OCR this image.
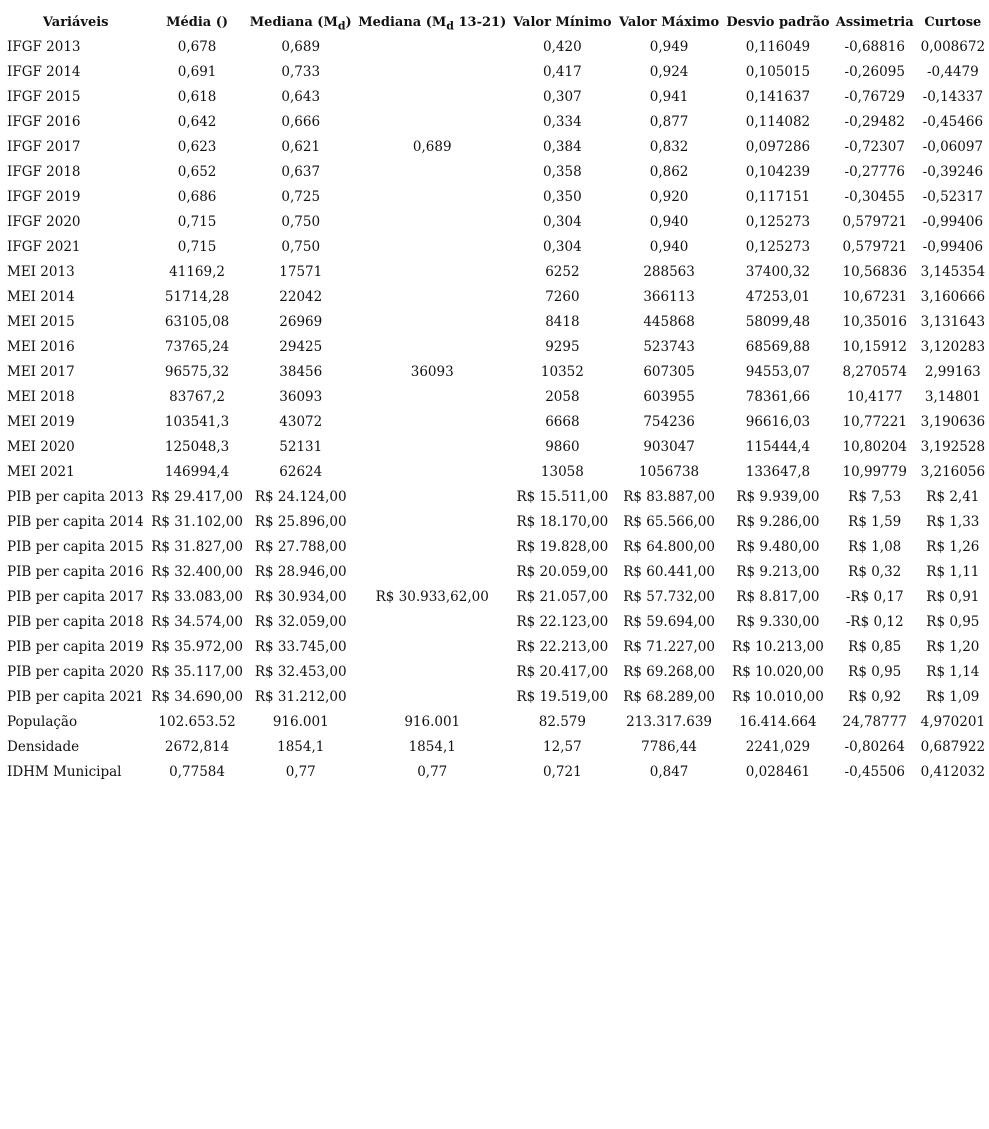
Variáveis	Média ()	Mediana $(M_d)$	Mediana ($M_d$ 13-21)	Valor Mínimo	Valor Máximo	Desvio padrão	Assimetria	Curtose
IFGF 2013	0,678	0,689		0,420	0,949	0,116049	-0,68816	0,008672
IFGF 2014	0,691	0,733		0,417	0,924	0,105015	-0,26095	-0,4479
IFGF 2015	0,618	0,643		0,307	0,941	0,141637	-0,76729	-0,14337
IFGF 2016	0,642	0,666		0,334	0,877	0,114082	-0,29482	-0,45466
IFGF 2017	0,623	0,621	0,689	0,384	0,832	0,097286	-0,72307	-0,06097
IFGF 2018	0,652	0,637		0,358	0,862	0,104239	-0,27776	-0,39246
IFGF 2019	0,686	0,725		0,350	0,920	0,117151	-0,30455	-0,52317
IFGF 2020	0,715	0,750		0,304	0,940	0,125273	0,579721	-0,99406
IFGF 2021	0,715	0,750		0,304	0,940	0,125273	0,579721	-0,99406
MEI 2013	41169,2	17571		6252	288563	37400,32	10,56836	3,145354
MEI 2014	51714,28	22042		7260	366113	47253,01	10,67231	3,160666
MEI 2015	63105,08	26969		8418	445868	58099,48	10,35016	3,131643
MEI 2016	73765,24	29425		9295	523743	68569,88	10,15912	3,120283
MEI 2017	96575,32	38456	36093	10352	607305	94553,07	8,270574	2,99163
MEI 2018	83767,2	36093		2058	603955	78361,66	10,4177	3,14801
MEI 2019	103541,3	43072		6668	754236	96616,03	10,77221	3,190636
MEI 2020	125048,3	52131		9860	903047	115444,4	10,80204	3,192528
MEI 2021	146994,4	62624		13058	1056738	133647,8	10,99779	3,216056
PIB per capita 2013	R$ 29.417,00	R$ 24.124,00		R$ 15.511,00	R$ 83.887,00	R$ 9.939,00	R$ 7,53	R$ 2,41
PIB per capita 2014	R$ 31.102,00	R$ 25.896,00		R$ 18.170,00	R$ 65.566,00	R$ 9.286,00	R$ 1,59	R$ 1,33
PIB per capita 2015	R$ 31.827,00	R$ 27.788,00		R$ 19.828,00	R$ 64.800,00	R$ 9.480,00	R$ 1,08	R$ 1,26
PIB per capita 2016	R$ 32.400,00	R$ 28.946,00		R$ 20.059,00	R$ 60.441,00	R$ 9.213,00	R$ 0,32	R$ 1,11
PIB per capita 2017	R$ 33.083,00	R$ 30.934,00	R$ 30.933,62,00	R$ 21.057,00	R$ 57.732,00	R$ 8.817,00	-R$ 0,17	R$ 0,91
PIB per capita 2018	R$ 34.574,00	R$ 32.059,00		R$ 22.123,00	R$ 59.694,00	R$ 9.330,00	-R$ 0,12	R$ 0,95
PIB per capita 2019	R$ 35.972,00	R$ 33.745,00		R$ 22.213,00	R$ 71.227,00	R$ 10.213,00	R$ 0,85	R$ 1,20
PIB per capita 2020	R$ 35.117,00	R$ 32.453,00		R$ 20.417,00	R$ 69.268,00	R$ 10.020,00	R$ 0,95	R$ 1,14
PIB per capita 2021	R$ 34.690,00	R$ 31.212,00		R$ 19.519,00	R$ 68.289,00	R$ 10.010,00	R$ 0,92	R$ 1,09
População	102.653.52	916.001	916.001	82.579	213.317.639	16.414.664	24,78777	4,970201
Densidade	2672,814	1854,1	1854,1	12,57	7786,44	2241,029	-0,80264	0,687922
IDHM Municipal	0,77584	0,77	0,77	0,721	0,847	0,028461	-0,45506	0,412032
